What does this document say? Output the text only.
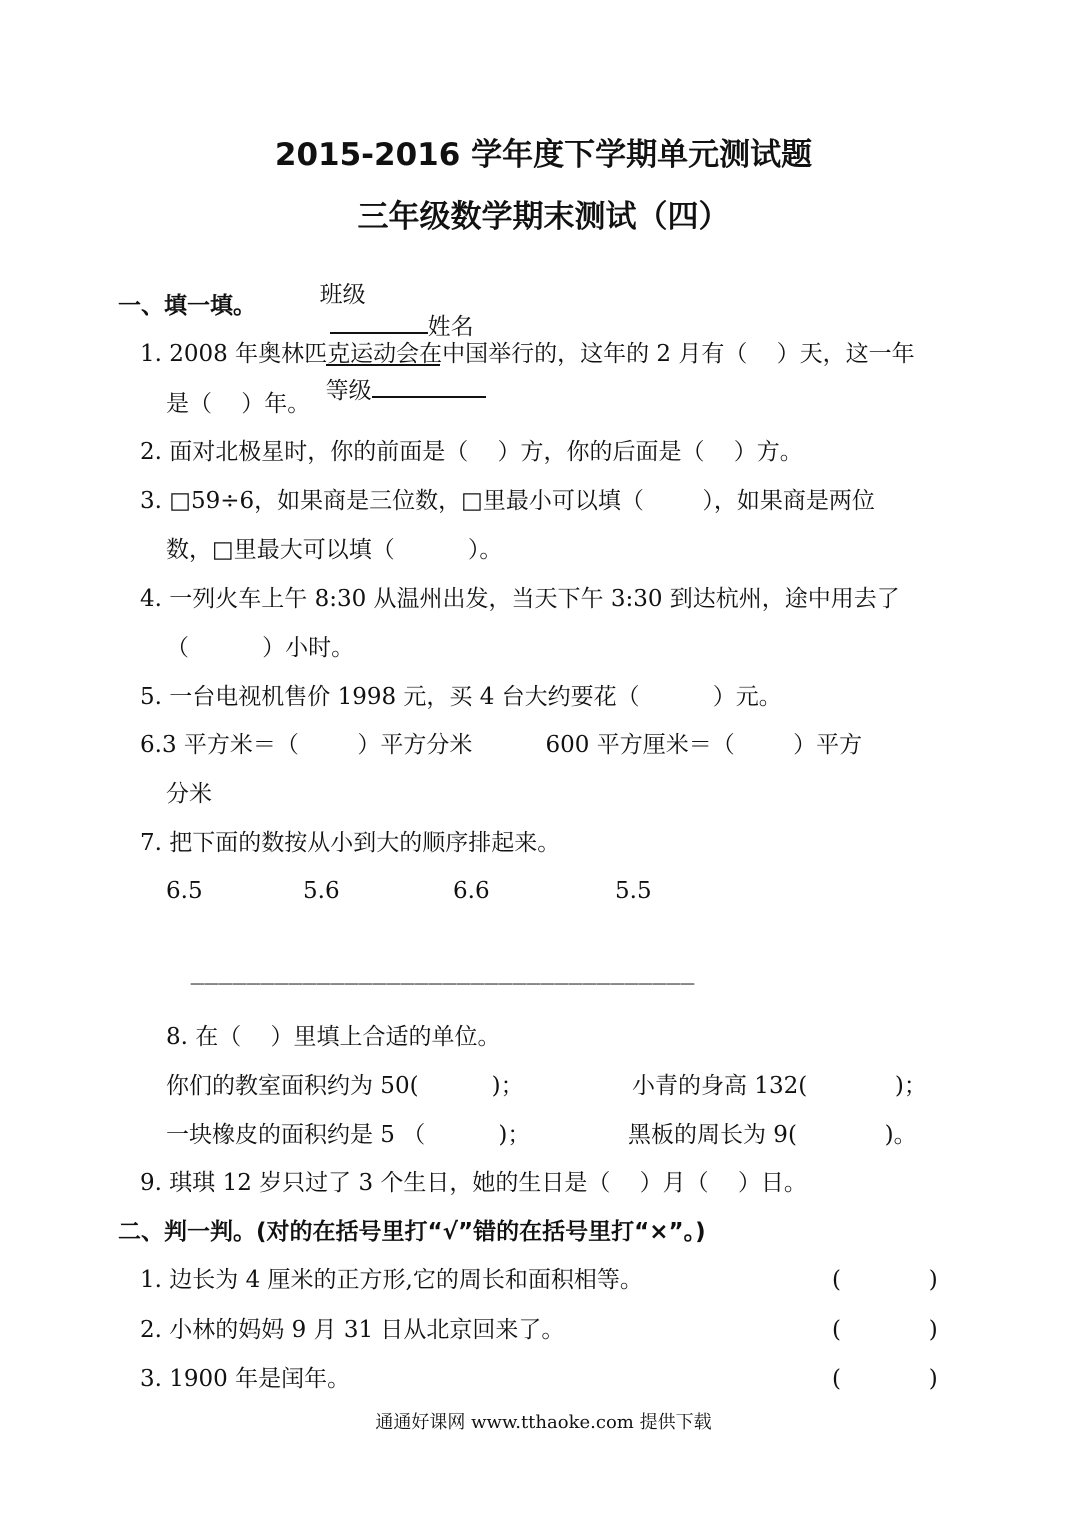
2015-2016 学年度下学期单元测试题
三年级数学期末测试（四）

班级
姓名

等级

一、填一填。
1. 2008 年奥林匹克运动会在中国举行的，这年的 2 月有（    ）天，这一年
是（    ）年。
2. 面对北极星时，你的前面是（    ）方，你的后面是（    ）方。
3. □59÷6，如果商是三位数，□里最小可以填（        ），如果商是两位
数，□里最大可以填（          ）。
4. 一列火车上午 8:30 从温州出发，当天下午 3:30 到达杭州，途中用去了
（          ）小时。
5. 一台电视机售价 1998 元，买 4 台大约要花（          ）元。
6.3 平方米＝（        ）平方分米          600 平方厘米＝（        ）平方
分米
7. 把下面的数按从小到大的顺序排起来。
6.5	5.6	6.6	5.5
————————————————————————————————————
8. 在（    ）里填上合适的单位。
你们的教室面积约为 50(          )；	小青的身高 132(            )；
一块橡皮的面积约是 5 （          )；	黑板的周长为 9(            )。
9. 琪琪 12 岁只过了 3 个生日，她的生日是（    ）月（    ）日。
二、判一判。(对的在括号里打“√”错的在括号里打“×”。)
1. 边长为 4 厘米的正方形,它的周长和面积相等。	(            )
2. 小林的妈妈 9 月 31 日从北京回来了。	(            )
3. 1900 年是闰年。	(            )
通通好课网 www.tthaoke.com 提供下载
